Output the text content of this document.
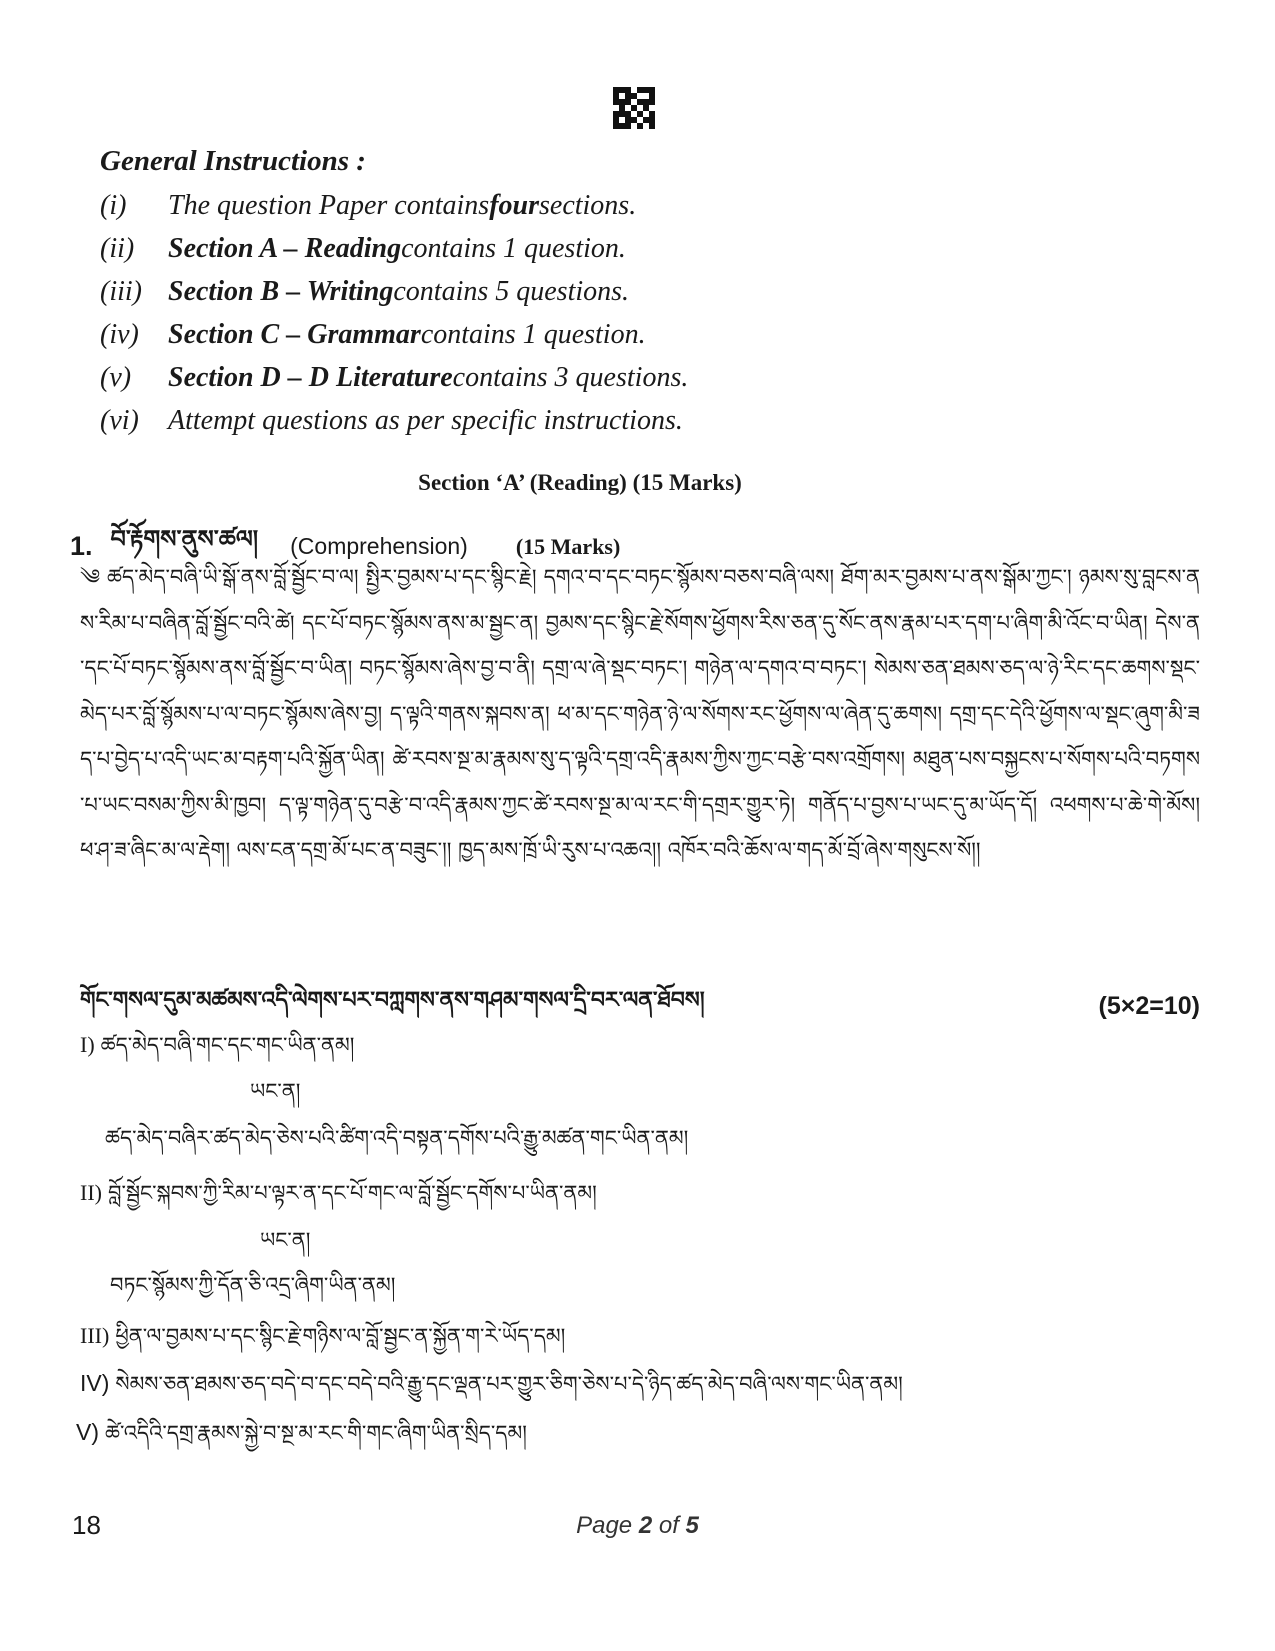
General Instructions :
(i)	The question Paper contains four sections.
(ii)	Section A – Reading contains 1 question.
(iii) Section B – Writing contains 5 questions.
(iv)	Section C – Grammar contains 1 question.
(v)	Section D – D Literature contains 3 questions.
(vi)	Attempt questions as per specific instructions.
Section ‘A’ (Reading) (15 Marks)
1. བོ་རྟོགས་ནུས་ཚལ། (Comprehension) (15 Marks)
༄ ཚད་མེད་བཞི་ཡི་སྒོ་ནས་བློ་སྦྱོང་བ་ལ། སྤྱིར་བྱམས་པ་དང་སྙིང་རྗེ། དགའ་བ་དང་བཏང་སྙོམས་བཅས་བཞི་ལས། ཐོག་མར་བྱམས་པ་ནས་སྒོམ་ཀྱང་། ཉམས་སུ་བླངས་ནས་རིམ་པ་བཞིན་བློ་སྦྱོང་བའི་ཚེ། དང་པོ་བཏང་སྙོམས་ནས་མ་སྦྱང་ན། བྱམས་དང་སྙིང་རྗེ་སོགས་ཕྱོགས་རིས་ཅན་དུ་སོང་ནས་རྣམ་པར་དག་པ་ཞིག་མི་འོང་བ་ཡིན། དེས་ན་དང་པོ་བཏང་སྙོམས་ནས་བློ་སྦྱོང་བ་ཡིན། བཏང་སྙོམས་ཞེས་བྱ་བ་ནི། དགྲ་ལ་ཞེ་སྡང་བཏང་། གཉེན་ལ་དགའ་བ་བཏང་། སེམས་ཅན་ཐམས་ཅད་ལ་ཉེ་རིང་དང་ཆགས་སྡང་མེད་པར་བློ་སྙོམས་པ་ལ་བཏང་སྙོམས་ཞེས་བྱ། ད་ལྟའི་གནས་སྐབས་ན། ཕ་མ་དང་གཉེན་ཉེ་ལ་སོགས་རང་ཕྱོགས་ལ་ཞེན་དུ་ཆགས། དགྲ་དང་དེའི་ཕྱོགས་ལ་སྡང་ཞུག་མི་ཟད་པ་བྱེད་པ་འདི་ཡང་མ་བརྟག་པའི་སྐྱོན་ཡིན། ཚེ་རབས་སྔ་མ་རྣམས་སུ་ད་ལྟའི་དགྲ་འདི་རྣམས་ཀྱིས་ཀྱང་བརྩེ་བས་འགྲོགས། མཐུན་པས་བསྐྱངས་པ་སོགས་པའི་བཏགས་པ་ཡང་བསམ་ཀྱིས་མི་ཁྱབ། ད་ལྟ་གཉེན་དུ་བརྩེ་བ་འདི་རྣམས་ཀྱང་ཚེ་རབས་སྔ་མ་ལ་རང་གི་དགྲར་གྱུར་ཏེ། གནོད་པ་བྱས་པ་ཡང་དུ་མ་ཡོད་དོ། འཕགས་པ་ཆེ་གེ་མོས། ཕ་ཤ་ཟ་ཞིང་མ་ལ་རྡེག། ལས་ངན་དགྲ་མོ་པང་ན་བཟུང་།། ཁྱད་མས་ཁྲོ་ཡི་རུས་པ་འཆའ།། འཁོར་བའི་ཆོས་ལ་གད་མོ་བྲོ་ཞེས་གསུངས་སོ།།
གོང་གསལ་དུམ་མཚམས་འདི་ལེགས་པར་བཀླགས་ནས་གཤམ་གསལ་དྲི་བར་ལན་ཐོབས།	(5×2=10)
I) ཚད་མེད་བཞི་གང་དང་གང་ཡིན་ནམ།
ཡང་ན།
ཚད་མེད་བཞིར་ཚད་མེད་ཅེས་པའི་ཚིག་འདི་བསྟན་དགོས་པའི་རྒྱུ་མཚན་གང་ཡིན་ནམ།
II) བློ་སྦྱོང་སྐབས་ཀྱི་རིམ་པ་ལྟར་ན་དང་པོ་གང་ལ་བློ་སྦྱོང་དགོས་པ་ཡིན་ནམ།
ཡང་ན།
བཏང་སྙོམས་ཀྱི་དོན་ཅི་འདྲ་ཞིག་ཡིན་ནམ།
III) ཕྱིན་ལ་བྱམས་པ་དང་སྙིང་རྗེ་གཉིས་ལ་བློ་སྦྱང་ན་སྐྱོན་ག་རེ་ཡོད་དམ།
IV) སེམས་ཅན་ཐམས་ཅད་བདེ་བ་དང་བདེ་བའི་རྒྱུ་དང་ལྡན་པར་གྱུར་ཅིག་ཅེས་པ་དེ་ཉིད་ཚད་མེད་བཞི་ལས་གང་ཡིན་ནམ།
V) ཚེ་འདིའི་དགྲ་རྣམས་སྐྱེ་བ་སྔ་མ་རང་གི་གང་ཞིག་ཡིན་སྲིད་དམ།
18	Page 2 of 5
